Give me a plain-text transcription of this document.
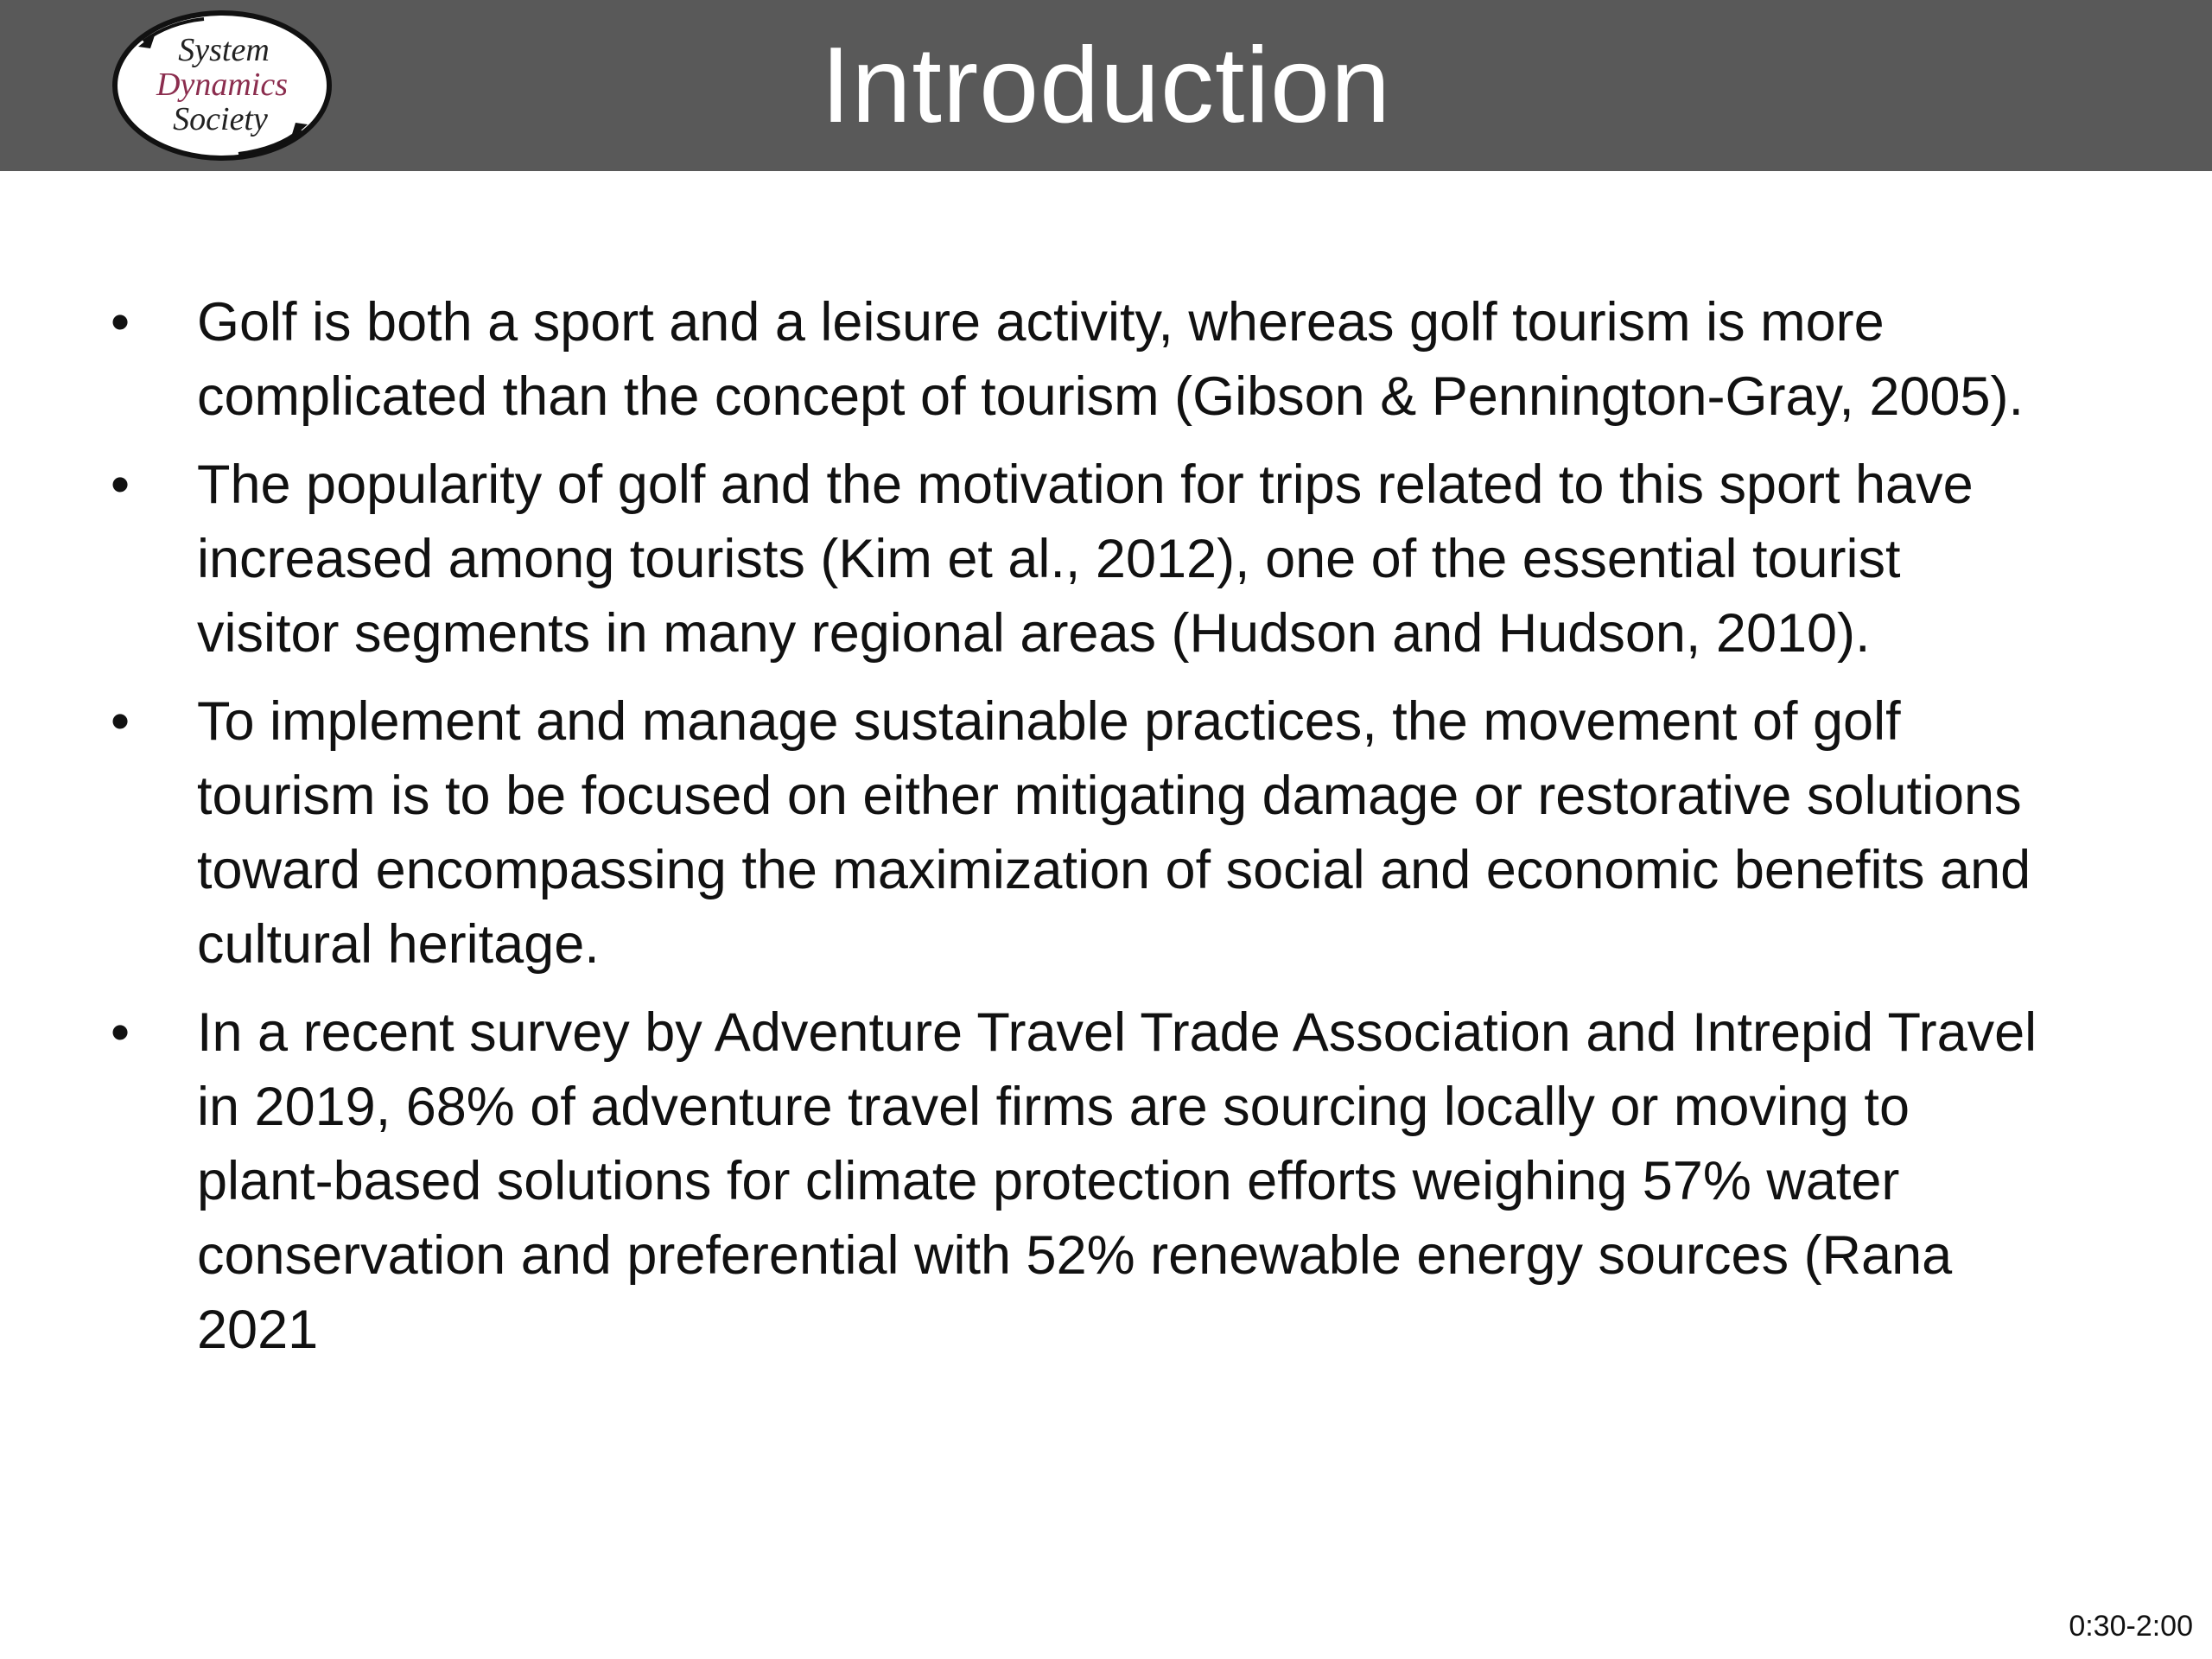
System
Dynamics
Society	Introduction
• Golf is both a sport and a leisure activity, whereas golf tourism is more complicated than the concept of tourism (Gibson & Pennington-Gray, 2005).
• The popularity of golf and the motivation for trips related to this sport have increased among tourists (Kim et al., 2012), one of the essential tourist visitor segments in many regional areas (Hudson and Hudson, 2010).
• To implement and manage sustainable practices, the movement of golf tourism is to be focused on either mitigating damage or restorative solutions toward encompassing the maximization of social and economic benefits and cultural heritage.
• In a recent survey by Adventure Travel Trade Association and Intrepid Travel in 2019, 68% of adventure travel firms are sourcing locally or moving to plant-based solutions for climate protection efforts weighing 57% water conservation and preferential with 52% renewable energy sources (Rana 2021
0:30-2:00
